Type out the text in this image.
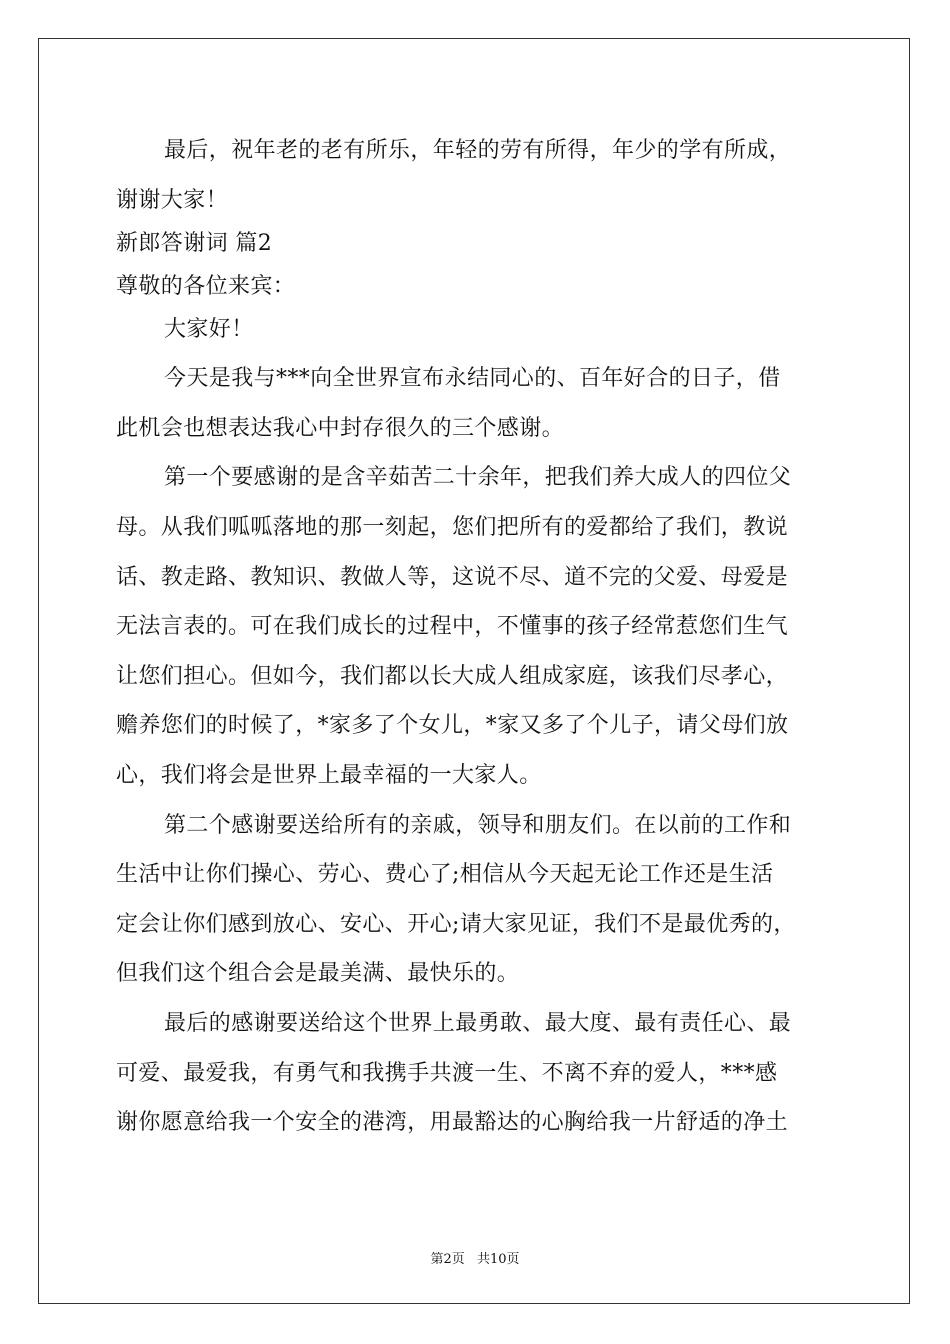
最后，祝年老的老有所乐，年轻的劳有所得，年少的学有所成，
谢谢大家！
新郎答谢词 篇2
尊敬的各位来宾：
大家好！
今天是我与***向全世界宣布永结同心的、百年好合的日子，借
此机会也想表达我心中封存很久的三个感谢。
第一个要感谢的是含辛茹苦二十余年，把我们养大成人的四位父
母。从我们呱呱落地的那一刻起，您们把所有的爱都给了我们，教说
话、教走路、教知识、教做人等，这说不尽、道不完的父爱、母爱是
无法言表的。可在我们成长的过程中，不懂事的孩子经常惹您们生气
让您们担心。但如今，我们都以长大成人组成家庭，该我们尽孝心，
赡养您们的时候了，*家多了个女儿，*家又多了个儿子，请父母们放
心，我们将会是世界上最幸福的一大家人。
第二个感谢要送给所有的亲戚，领导和朋友们。在以前的工作和
生活中让你们操心、劳心、费心了;相信从今天起无论工作还是生活
定会让你们感到放心、安心、开心;请大家见证，我们不是最优秀的，
但我们这个组合会是最美满、最快乐的。
最后的感谢要送给这个世界上最勇敢、最大度、最有责任心、最
可爱、最爱我，有勇气和我携手共渡一生、不离不弃的爱人，***感
谢你愿意给我一个安全的港湾，用最豁达的心胸给我一片舒适的净土
第2页 共10页
